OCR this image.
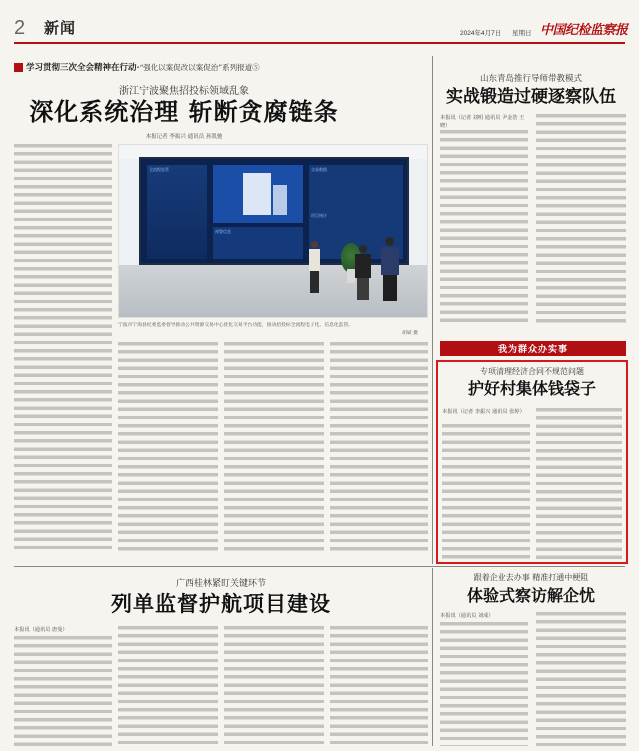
2 新闻	2024年4月7日 星期日 中国纪检监察报
学习贯彻三次全会精神在行动· “强化以案促改以案促治”系列报道⑤
浙江宁波聚焦招投标领域乱象
深化系统治理 斩断贪腐链条
本报记者 李振兴 通讯员 孙凯驰
全流程监管	交易数据
预警信息
项目统计
宁波市宁海县纪委监委督导推动公共资源交易中心优化交易平台功能，推动招投标全流程电子化、信息化监管。
胡斌 摄
山东青岛推行导师带教模式
实战锻造过硬逐察队伍
本报讯（记者 刘明 通讯员 尹金浩 王晓）
我为群众办实事
专项清理经济合同不规范问题
护好村集体钱袋子
本报讯（记者 李振兴 通讯员 张婷）
跟着企业去办事 精准打通中梗阻
体验式察访解企忧
本报讯（通讯员 刘成）
广西桂林紧盯关键环节
列单监督护航项目建设
本报讯（通讯员 唐曼）
